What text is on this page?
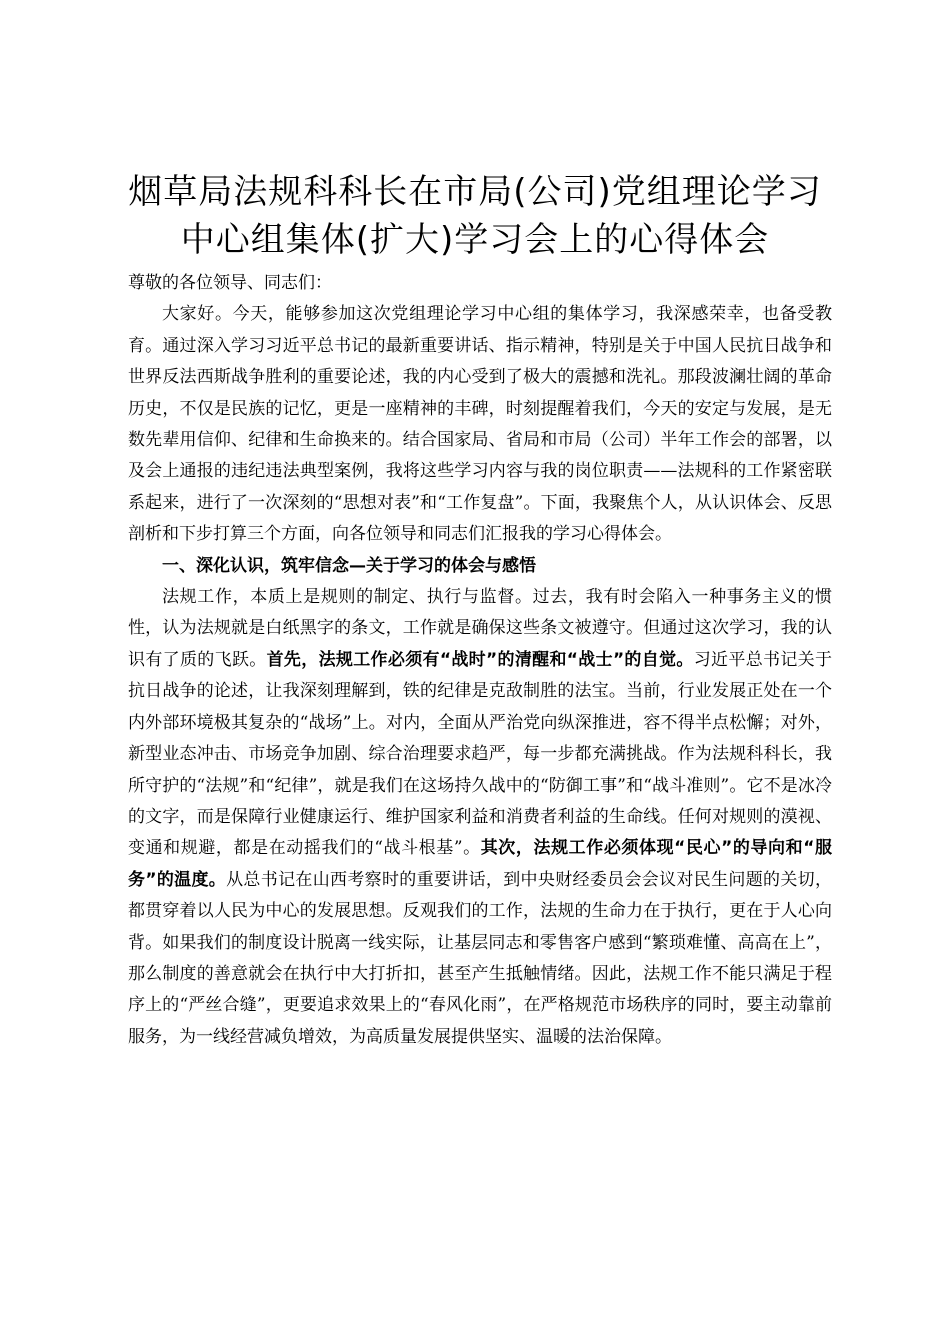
烟草局法规科科长在市局(公司)党组理论学习
中心组集体(扩大)学习会上的心得体会

尊敬的各位领导、同志们：

大家好。今天，能够参加这次党组理论学习中心组的集体学习，我深感荣幸，也备受教育。通过深入学习习近平总书记的最新重要讲话、指示精神，特别是关于中国人民抗日战争和世界反法西斯战争胜利的重要论述，我的内心受到了极大的震撼和洗礼。那段波澜壮阔的革命历史，不仅是民族的记忆，更是一座精神的丰碑，时刻提醒着我们，今天的安定与发展，是无数先辈用信仰、纪律和生命换来的。结合国家局、省局和市局（公司）半年工作会的部署，以及会上通报的违纪违法典型案例，我将这些学习内容与我的岗位职责——法规科的工作紧密联系起来，进行了一次深刻的“思想对表”和“工作复盘”。下面，我聚焦个人，从认识体会、反思剖析和下步打算三个方面，向各位领导和同志们汇报我的学习心得体会。

一、深化认识，筑牢信念—关于学习的体会与感悟

法规工作，本质上是规则的制定、执行与监督。过去，我有时会陷入一种事务主义的惯性，认为法规就是白纸黑字的条文，工作就是确保这些条文被遵守。但通过这次学习，我的认识有了质的飞跃。首先，法规工作必须有“战时”的清醒和“战士”的自觉。习近平总书记关于抗日战争的论述，让我深刻理解到，铁的纪律是克敌制胜的法宝。当前，行业发展正处在一个内外部环境极其复杂的“战场”上。对内，全面从严治党向纵深推进，容不得半点松懈；对外，新型业态冲击、市场竞争加剧、综合治理要求趋严，每一步都充满挑战。作为法规科科长，我所守护的“法规”和“纪律”，就是我们在这场持久战中的“防御工事”和“战斗准则”。它不是冰冷的文字，而是保障行业健康运行、维护国家利益和消费者利益的生命线。任何对规则的漠视、变通和规避，都是在动摇我们的“战斗根基”。其次，法规工作必须体现“民心”的导向和“服务”的温度。从总书记在山西考察时的重要讲话，到中央财经委员会会议对民生问题的关切，都贯穿着以人民为中心的发展思想。反观我们的工作，法规的生命力在于执行，更在于人心向背。如果我们的制度设计脱离一线实际，让基层同志和零售客户感到“繁琐难懂、高高在上”，那么制度的善意就会在执行中大打折扣，甚至产生抵触情绪。因此，法规工作不能只满足于程序上的“严丝合缝”，更要追求效果上的“春风化雨”，在严格规范市场秩序的同时，要主动靠前服务，为一线经营减负增效，为高质量发展提供坚实、温暖的法治保障。
